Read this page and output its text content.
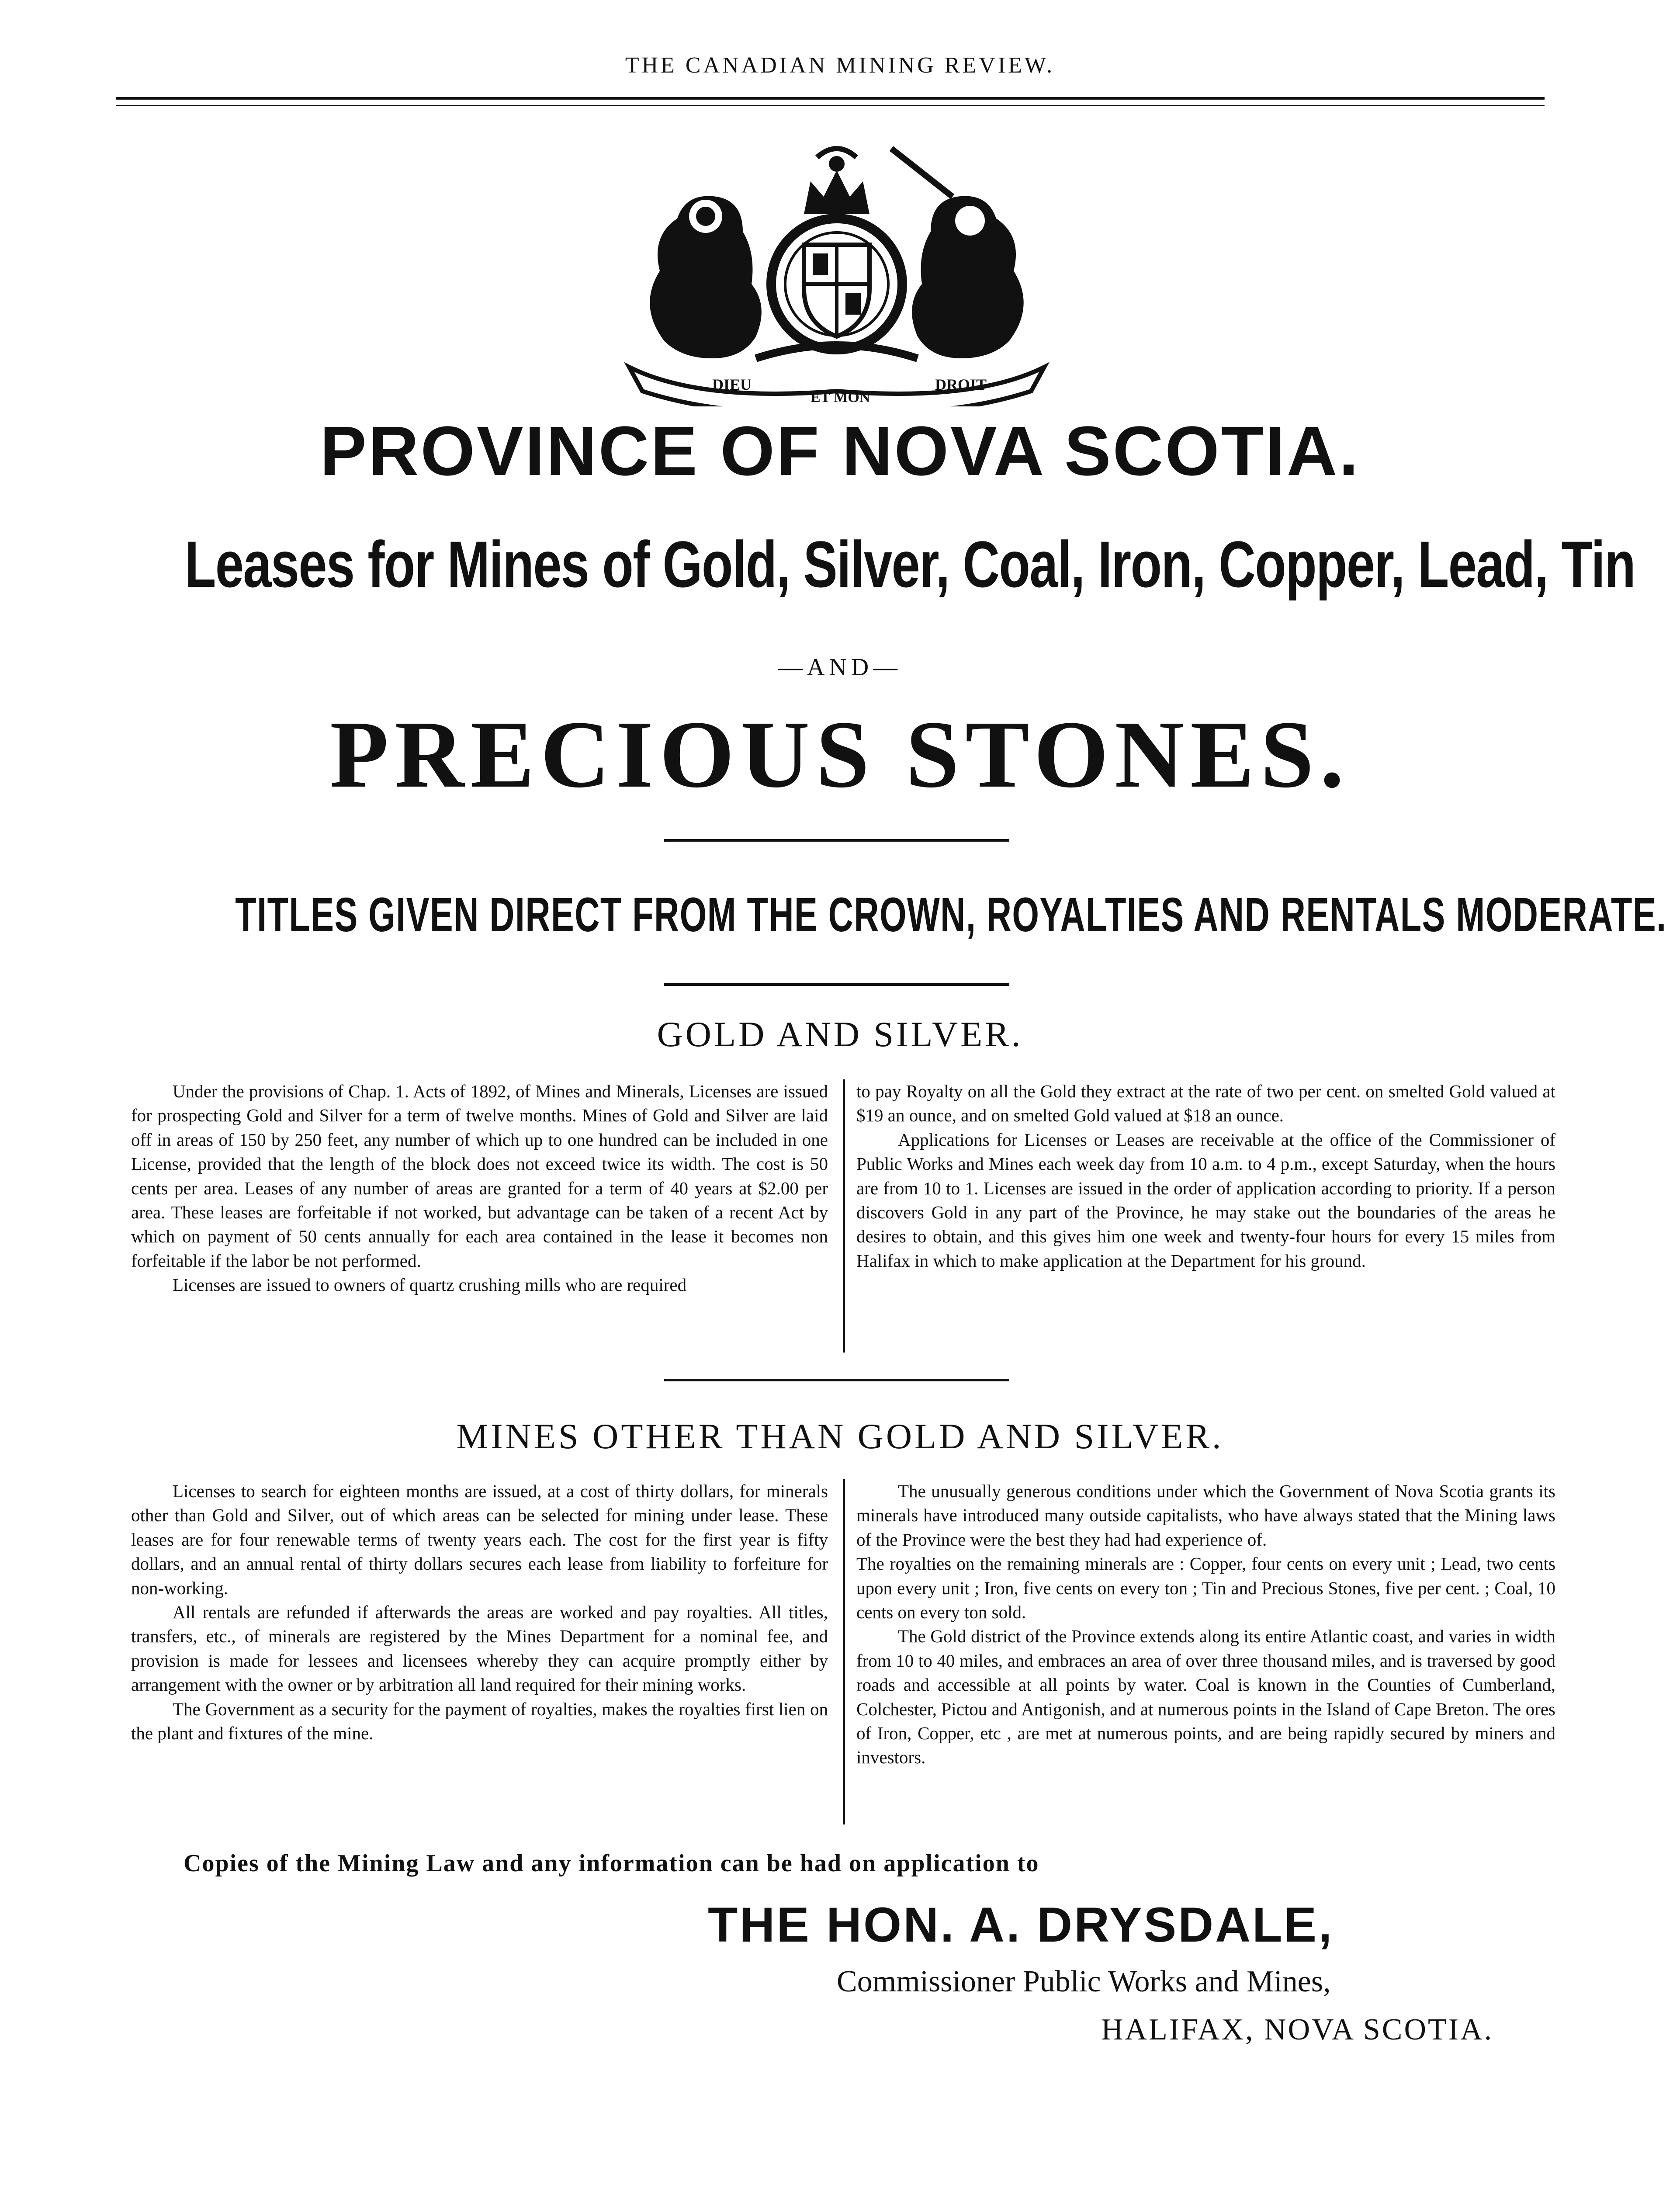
THE CANADIAN MINING REVIEW.
DIEU
ET MON
DROIT
PROVINCE OF NOVA SCOTIA.
Leases for Mines of Gold, Silver, Coal, Iron, Copper, Lead, Tin
—AND—
PRECIOUS STONES.
TITLES GIVEN DIRECT FROM THE CROWN, ROYALTIES AND RENTALS MODERATE.
GOLD AND SILVER.

Under the provisions of Chap. 1. Acts of 1892, of Mines and Minerals, Licenses are issued for prospecting Gold and Silver for a term of twelve months. Mines of Gold and Silver are laid off in areas of 150 by 250 feet, any number of which up to one hundred can be included in one License, provided that the length of the block does not exceed twice its width. The cost is 50 cents per area. Leases of any number of areas are granted for a term of 40 years at $2.00 per area. These leases are forfeitable if not worked, but advantage can be taken of a recent Act by which on payment of 50 cents annually for each area contained in the lease it becomes non forfeitable if the labor be not performed.

Licenses are issued to owners of quartz crushing mills who are required

to pay Royalty on all the Gold they extract at the rate of two per cent. on smelted Gold valued at $19 an ounce, and on smelted Gold valued at $18 an ounce.

Applications for Licenses or Leases are receivable at the office of the Commissioner of Public Works and Mines each week day from 10 a.m. to 4 p.m., except Saturday, when the hours are from 10 to 1. Licenses are issued in the order of application according to priority. If a person discovers Gold in any part of the Province, he may stake out the boundaries of the areas he desires to obtain, and this gives him one week and twenty-four hours for every 15 miles from Halifax in which to make application at the Department for his ground.

MINES OTHER THAN GOLD AND SILVER.

Licenses to search for eighteen months are issued, at a cost of thirty dollars, for minerals other than Gold and Silver, out of which areas can be selected for mining under lease. These leases are for four renewable terms of twenty years each. The cost for the first year is fifty dollars, and an annual rental of thirty dollars secures each lease from liability to forfeiture for non-working.

All rentals are refunded if afterwards the areas are worked and pay royalties. All titles, transfers, etc., of minerals are registered by the Mines Department for a nominal fee, and provision is made for lessees and licensees whereby they can acquire promptly either by arrangement with the owner or by arbitration all land required for their mining works.

The Government as a security for the payment of royalties, makes the royalties first lien on the plant and fixtures of the mine.

The unusually generous conditions under which the Government of Nova Scotia grants its minerals have introduced many outside capitalists, who have always stated that the Mining laws of the Province were the best they had had experience of.

The royalties on the remaining minerals are : Copper, four cents on every unit ; Lead, two cents upon every unit ; Iron, five cents on every ton ; Tin and Precious Stones, five per cent. ; Coal, 10 cents on every ton sold.

The Gold district of the Province extends along its entire Atlantic coast, and varies in width from 10 to 40 miles, and embraces an area of over three thousand miles, and is traversed by good roads and accessible at all points by water. Coal is known in the Counties of Cumberland, Colchester, Pictou and Antigonish, and at numerous points in the Island of Cape Breton. The ores of Iron, Copper, etc , are met at numerous points, and are being rapidly secured by miners and investors.

Copies of the Mining Law and any information can be had on application to
THE HON. A. DRYSDALE,
Commissioner Public Works and Mines,
HALIFAX, NOVA SCOTIA.
